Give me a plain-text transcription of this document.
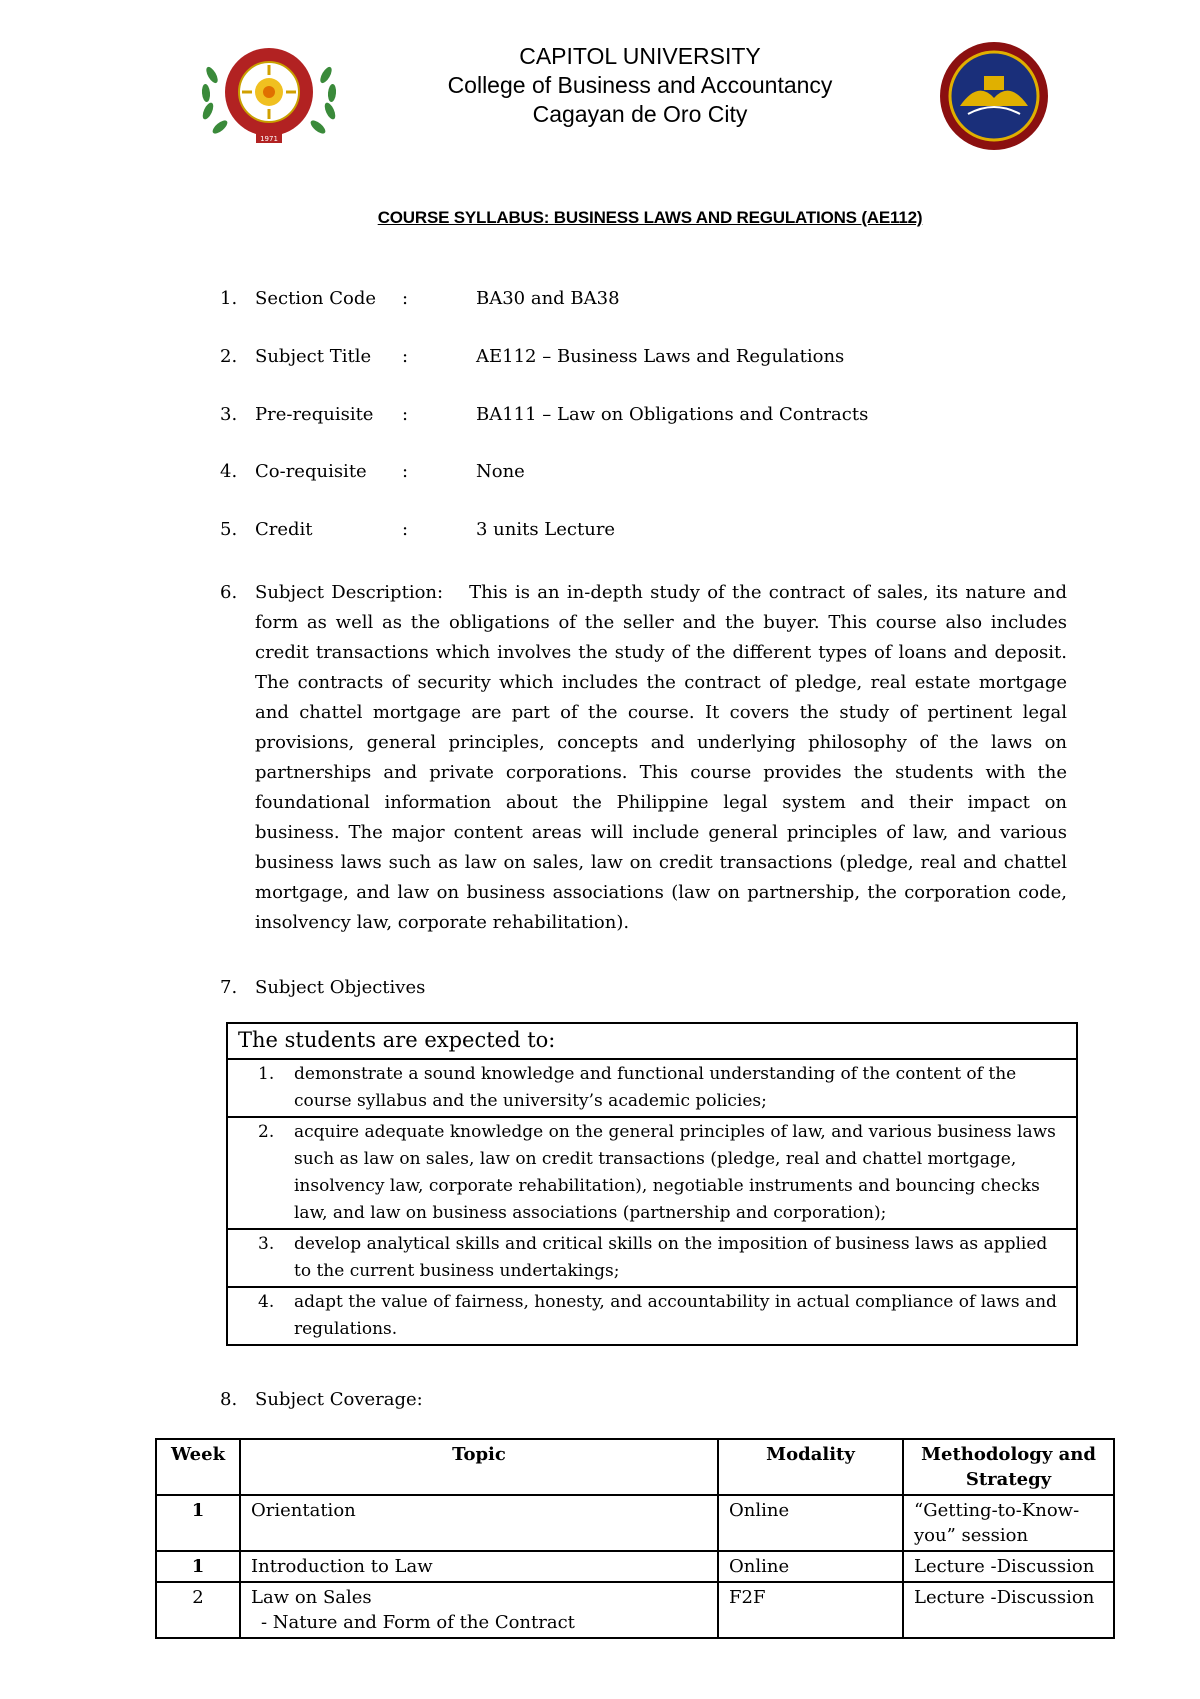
1971
CAPITOL UNIVERSITY
College of Business and Accountancy
Cagayan de Oro City
COURSE SYLLABUS: BUSINESS LAWS AND REGULATIONS (AE112)
1. Section Code :	BA30 and BA38
2. Subject Title :	AE112 – Business Laws and Regulations
3. Pre-requisite :	BA111 – Law on Obligations and Contracts
4. Co-requisite :	None
5. Credit	:	3 units Lecture
6. Subject Description: This is an in-depth study of the contract of sales, its nature and form as well as the obligations of the seller and the buyer. This course also includes credit transactions which involves the study of the different types of loans and deposit. The contracts of security which includes the contract of pledge, real estate mortgage and chattel mortgage are part of the course. It covers the study of pertinent legal provisions, general principles, concepts and underlying philosophy of the laws on partnerships and private corporations. This course provides the students with the foundational information about the Philippine legal system and their impact on business. The major content areas will include general principles of law, and various business laws such as law on sales, law on credit transactions (pledge, real and chattel mortgage, and law on business associations (law on partnership, the corporation code, insolvency law, corporate rehabilitation).
7. Subject Objectives
The students are expected to:
1. demonstrate a sound knowledge and functional understanding of the content of the course syllabus and the university’s academic policies;
2. acquire adequate knowledge on the general principles of law, and various business laws such as law on sales, law on credit transactions (pledge, real and chattel mortgage, insolvency law, corporate rehabilitation), negotiable instruments and bouncing checks law, and law on business associations (partnership and corporation);
3. develop analytical skills and critical skills on the imposition of business laws as applied to the current business undertakings;
4. adapt the value of fairness, honesty, and accountability in actual compliance of laws and regulations.
8. Subject Coverage:
Week	Topic	Modality	Methodology and Strategy
1	Orientation	Online	“Getting-to-Know-you” session
1	Introduction to Law	Online	Lecture -Discussion
2	Law on Sales
- Nature and Form of the Contract	F2F	Lecture -Discussion
